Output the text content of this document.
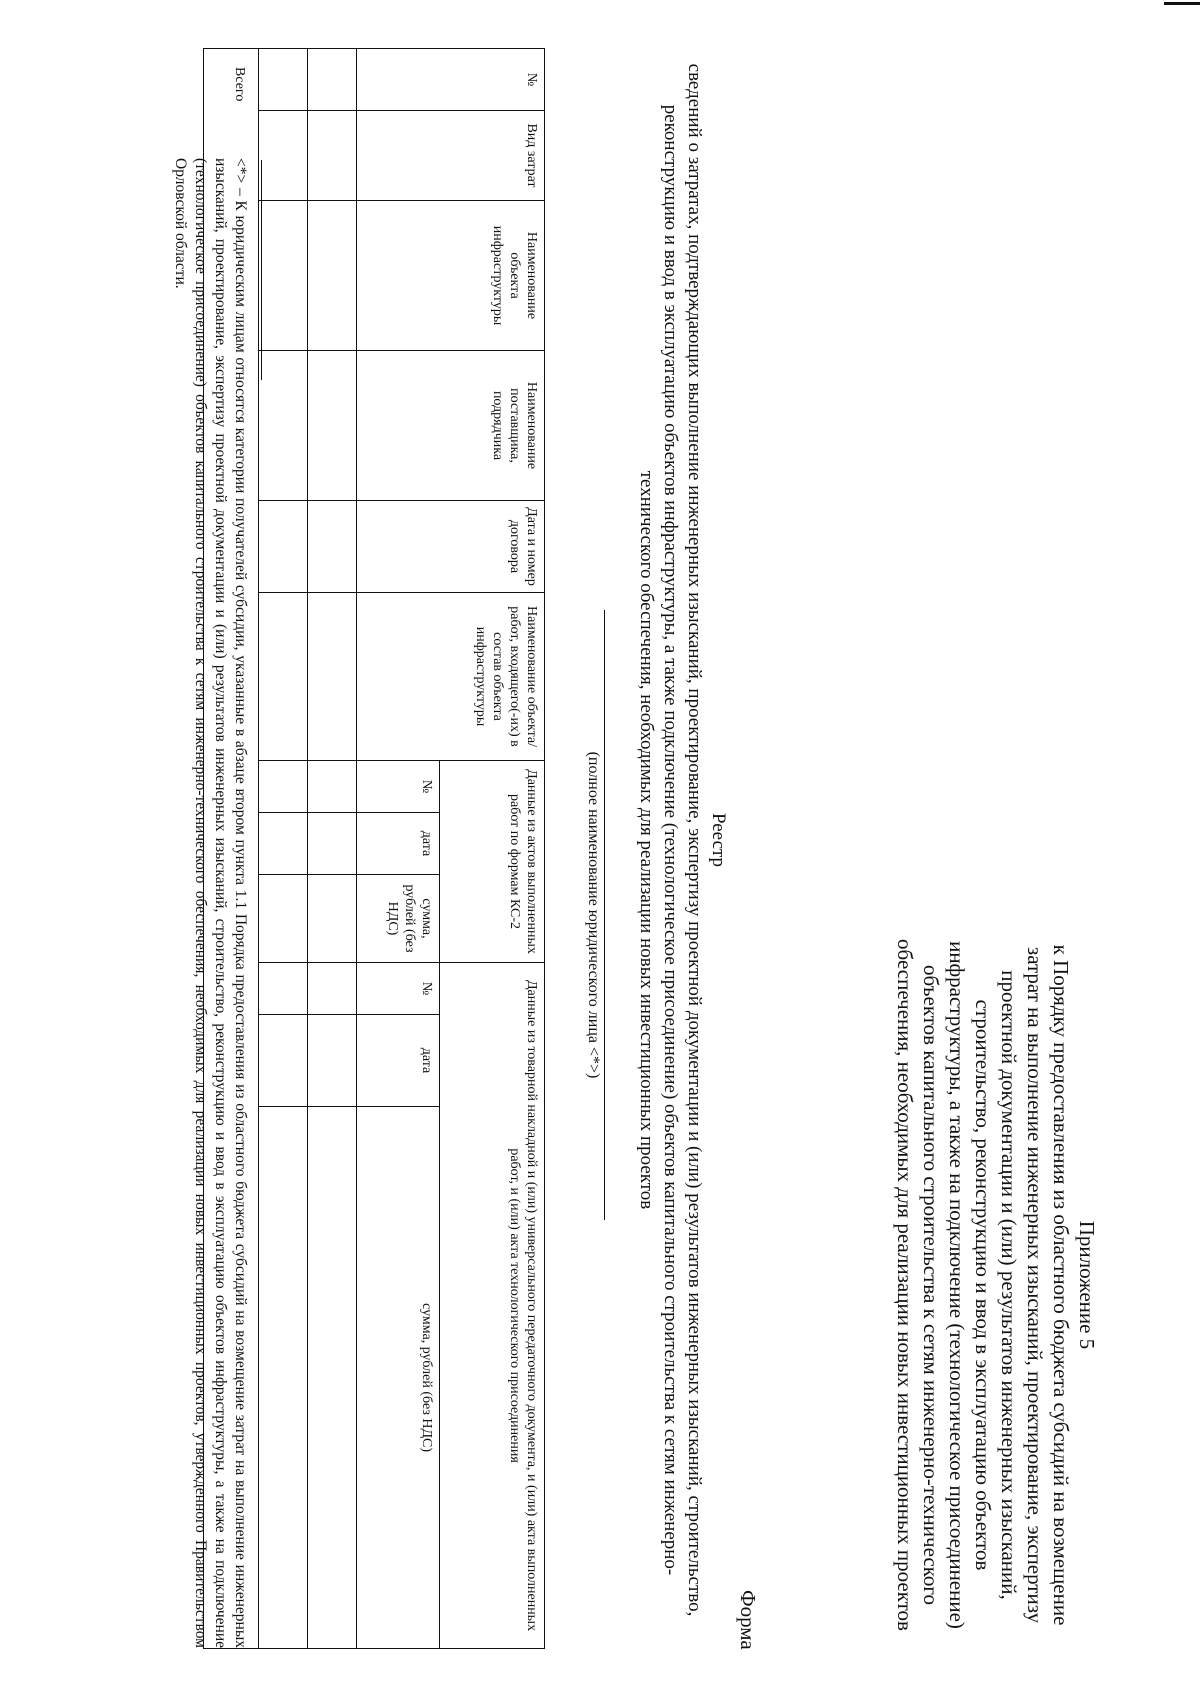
Приложение 5
к Порядку предоставления из областного бюджета субсидий на возмещение затрат на выполнение инженерных изысканий, проектирование, экспертизу проектной документации и (или) результатов инженерных изысканий, строительство, реконструкцию и ввод в эксплуатацию объектов инфраструктуры, а также на подключение (технологическое присоединение) объектов капитального строительства к сетям инженерно-технического обеспечения, необходимых для реализации новых инвестиционных проектов
Форма
Реестр
сведений о затратах, подтверждающих выполнение инженерных изысканий, проектирование, экспертизу проектной документации и (или) результатов инженерных изысканий, строительство, реконструкцию и ввод в эксплуатацию объектов инфраструктуры, а также подключение (технологическое присоединение) объектов капитального строительства к сетям инженерно-технического обеспечения, необходимых для реализации новых инвестиционных проектов
(полное наименование юридического лица <*>)
№	Вид затрат	Наименование объекта инфраструктуры	Наименование поставщика, подрядчика	Дата и номер договора	Наименование объекта/работ, входящего(-их) в состав объекта инфраструктуры	Данные из актов выполненных работ по формам КС-2			Данные из товарной накладной и (или) универсального передаточного документа, и (или) акта выполненных работ, и (или) акта технологического присоединения		
						№	дата	сумма, рублей (без НДС)	№	дата	сумма, рублей (без НДС)

Всего											
<*> – К юридическим лицам относятся категории получателей субсидии, указанные в абзаце втором пункта 1.1 Порядка предоставления из областного бюджета субсидий на возмещение затрат на выполнение инженерных изысканий, проектирование, экспертизу проектной документации и (или) результатов инженерных изысканий, строительство, реконструкцию и ввод в эксплуатацию объектов инфраструктуры, а также на подключение (технологическое присоединение) объектов капитального строительства к сетям инженерно-технического обеспечения, необходимых для реализации новых инвестиционных проектов, утвержденного Правительством Орловской области.
